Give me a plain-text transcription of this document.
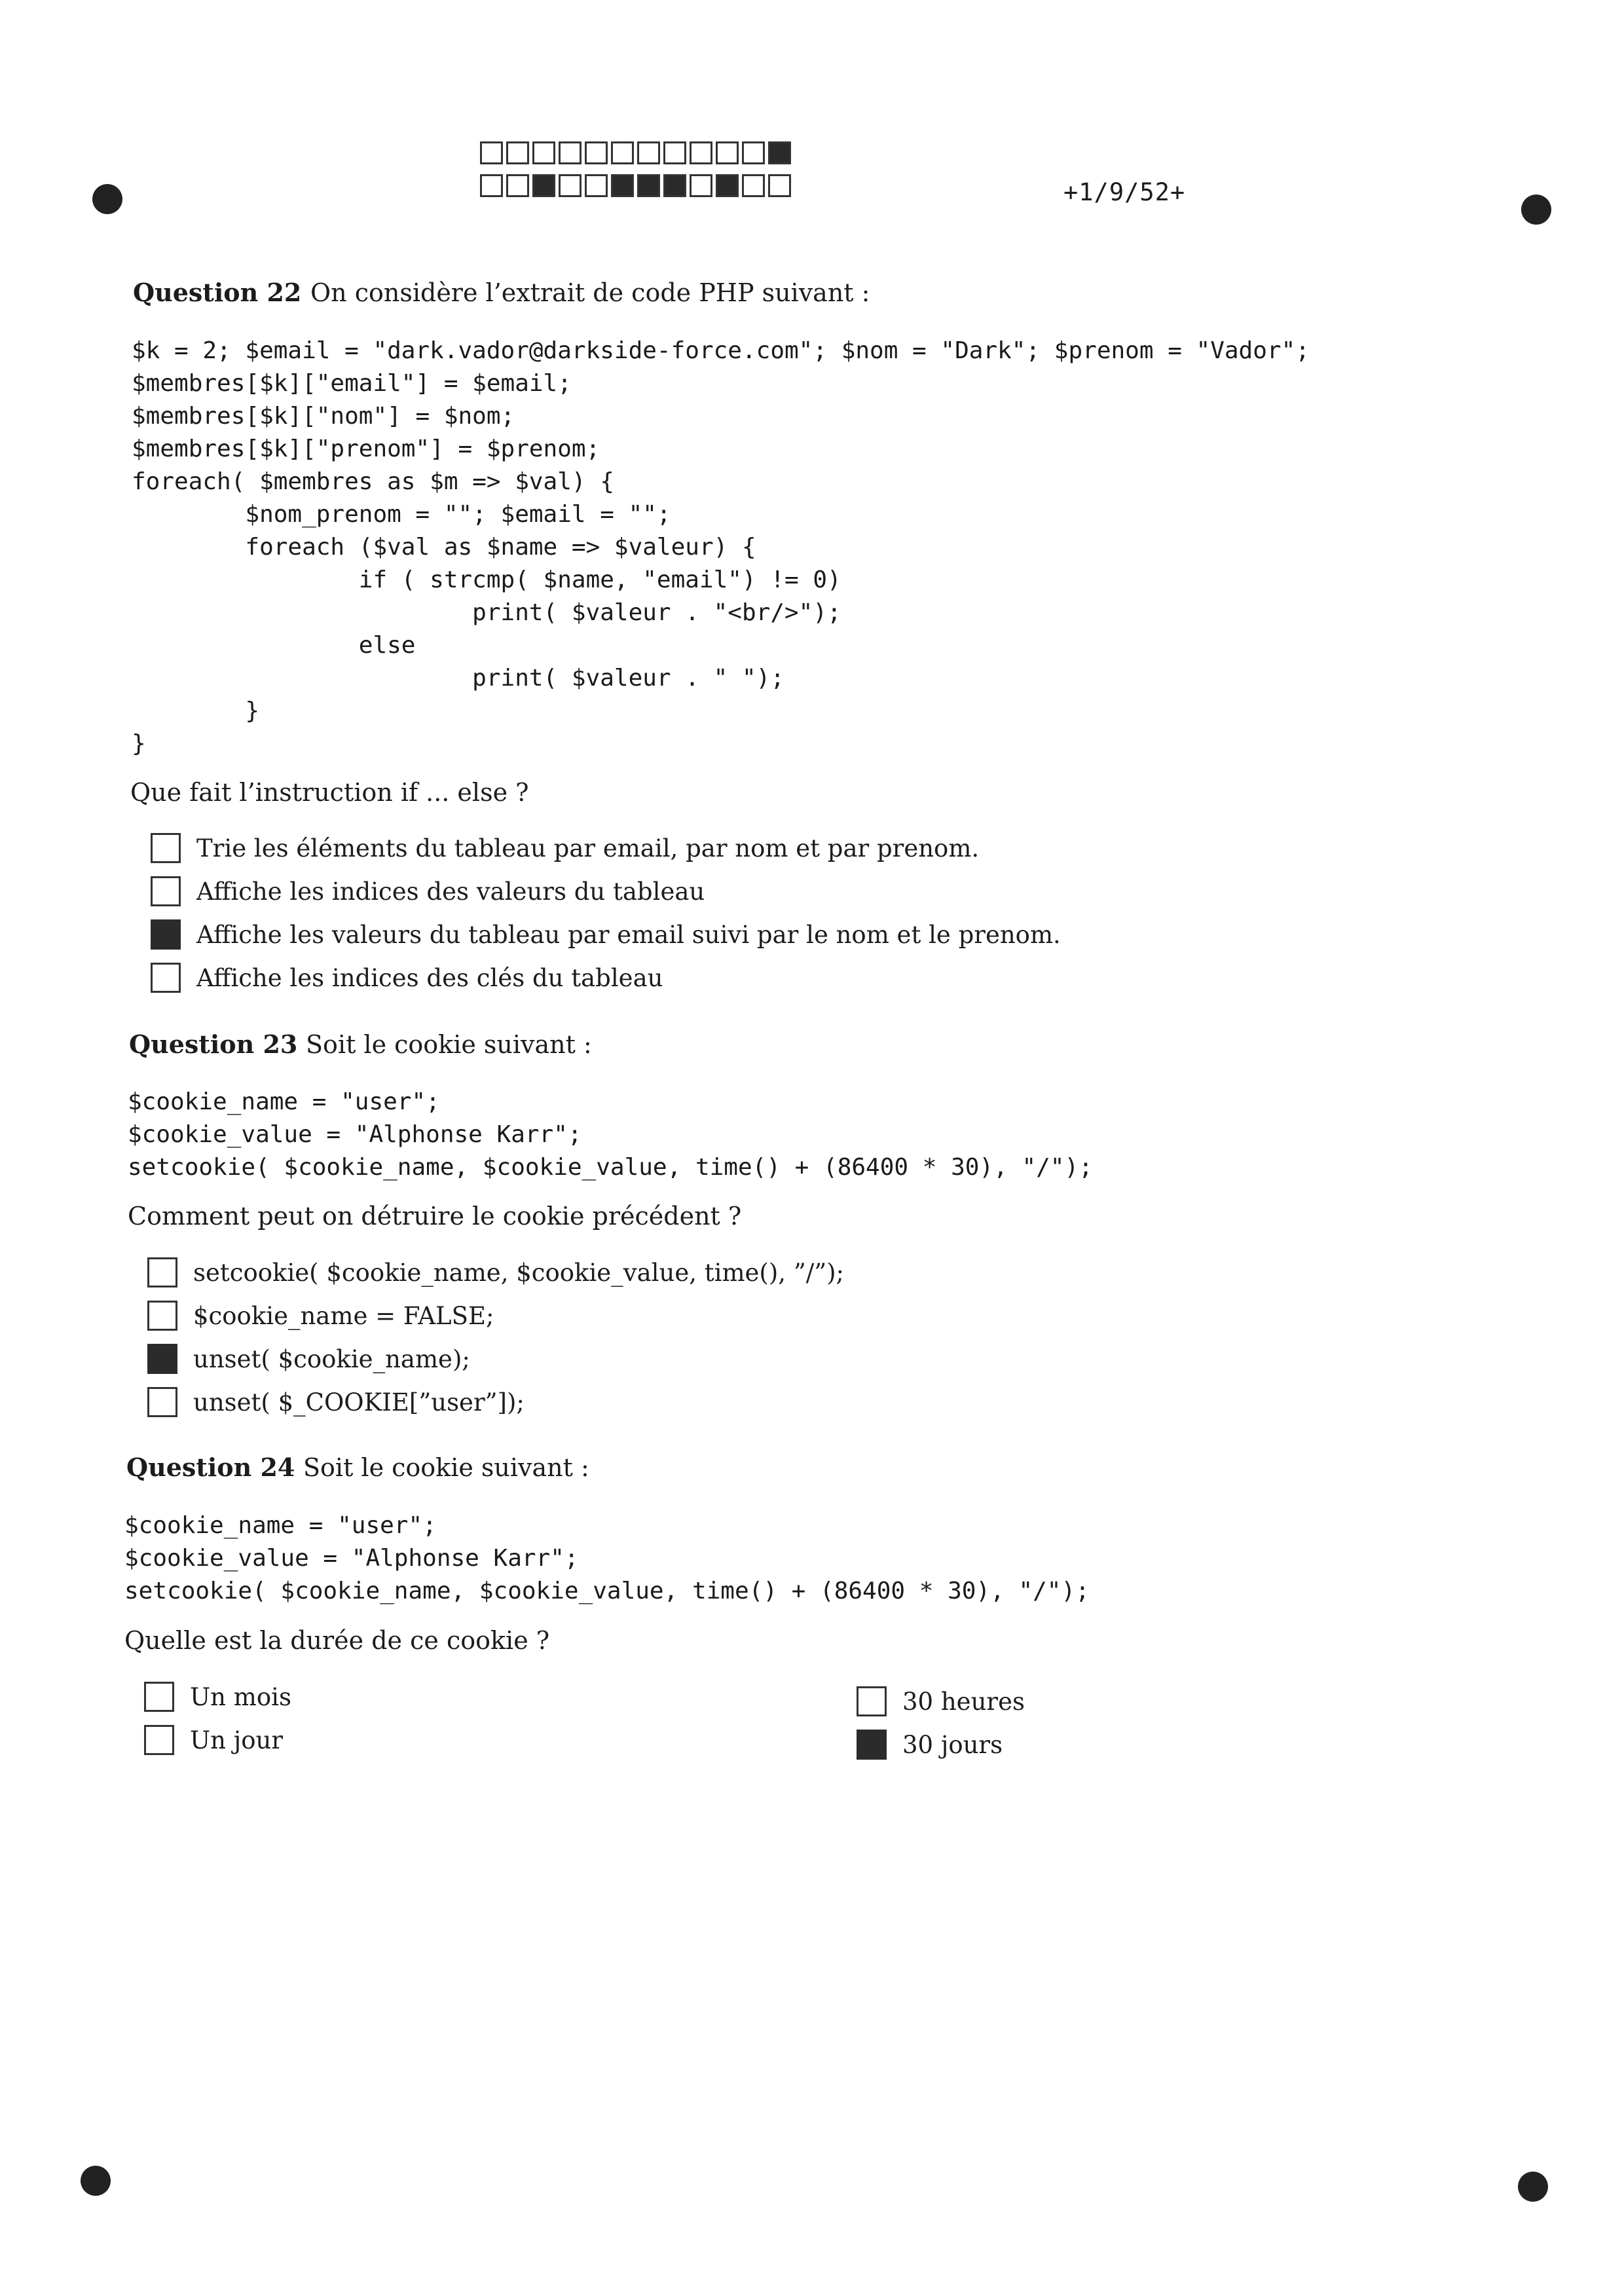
+1/9/52+
Question 22 On considère l’extrait de code PHP suivant :
$k = 2; $email = "dark.vador@darkside-force.com"; $nom = "Dark"; $prenom = "Vador";
$membres[$k]["email"] = $email;
$membres[$k]["nom"] = $nom;
$membres[$k]["prenom"] = $prenom;
foreach( $membres as $m => $val) {
$nom_prenom = ""; $email = "";
foreach ($val as $name => $valeur) {
if ( strcmp( $name, "email") != 0)
print( $valeur . "<br/>");
else
print( $valeur . " ");
}
}
Que fait l’instruction if ... else ?
Trie les éléments du tableau par email, par nom et par prenom.
Affiche les indices des valeurs du tableau
Affiche les valeurs du tableau par email suivi par le nom et le prenom.
Affiche les indices des clés du tableau
Question 23 Soit le cookie suivant :
$cookie_name = "user";
$cookie_value = "Alphonse Karr";
setcookie( $cookie_name, $cookie_value, time() + (86400 * 30), "/");
Comment peut on détruire le cookie précédent ?
setcookie( $cookie_name, $cookie_value, time(), ”/”);
$cookie_name = FALSE;
unset( $cookie_name);
unset( $_COOKIE[”user”]);
Question 24 Soit le cookie suivant :
$cookie_name = "user";
$cookie_value = "Alphonse Karr";
setcookie( $cookie_name, $cookie_value, time() + (86400 * 30), "/");
Quelle est la durée de ce cookie ?
Un mois
Un jour
30 heures
30 jours
